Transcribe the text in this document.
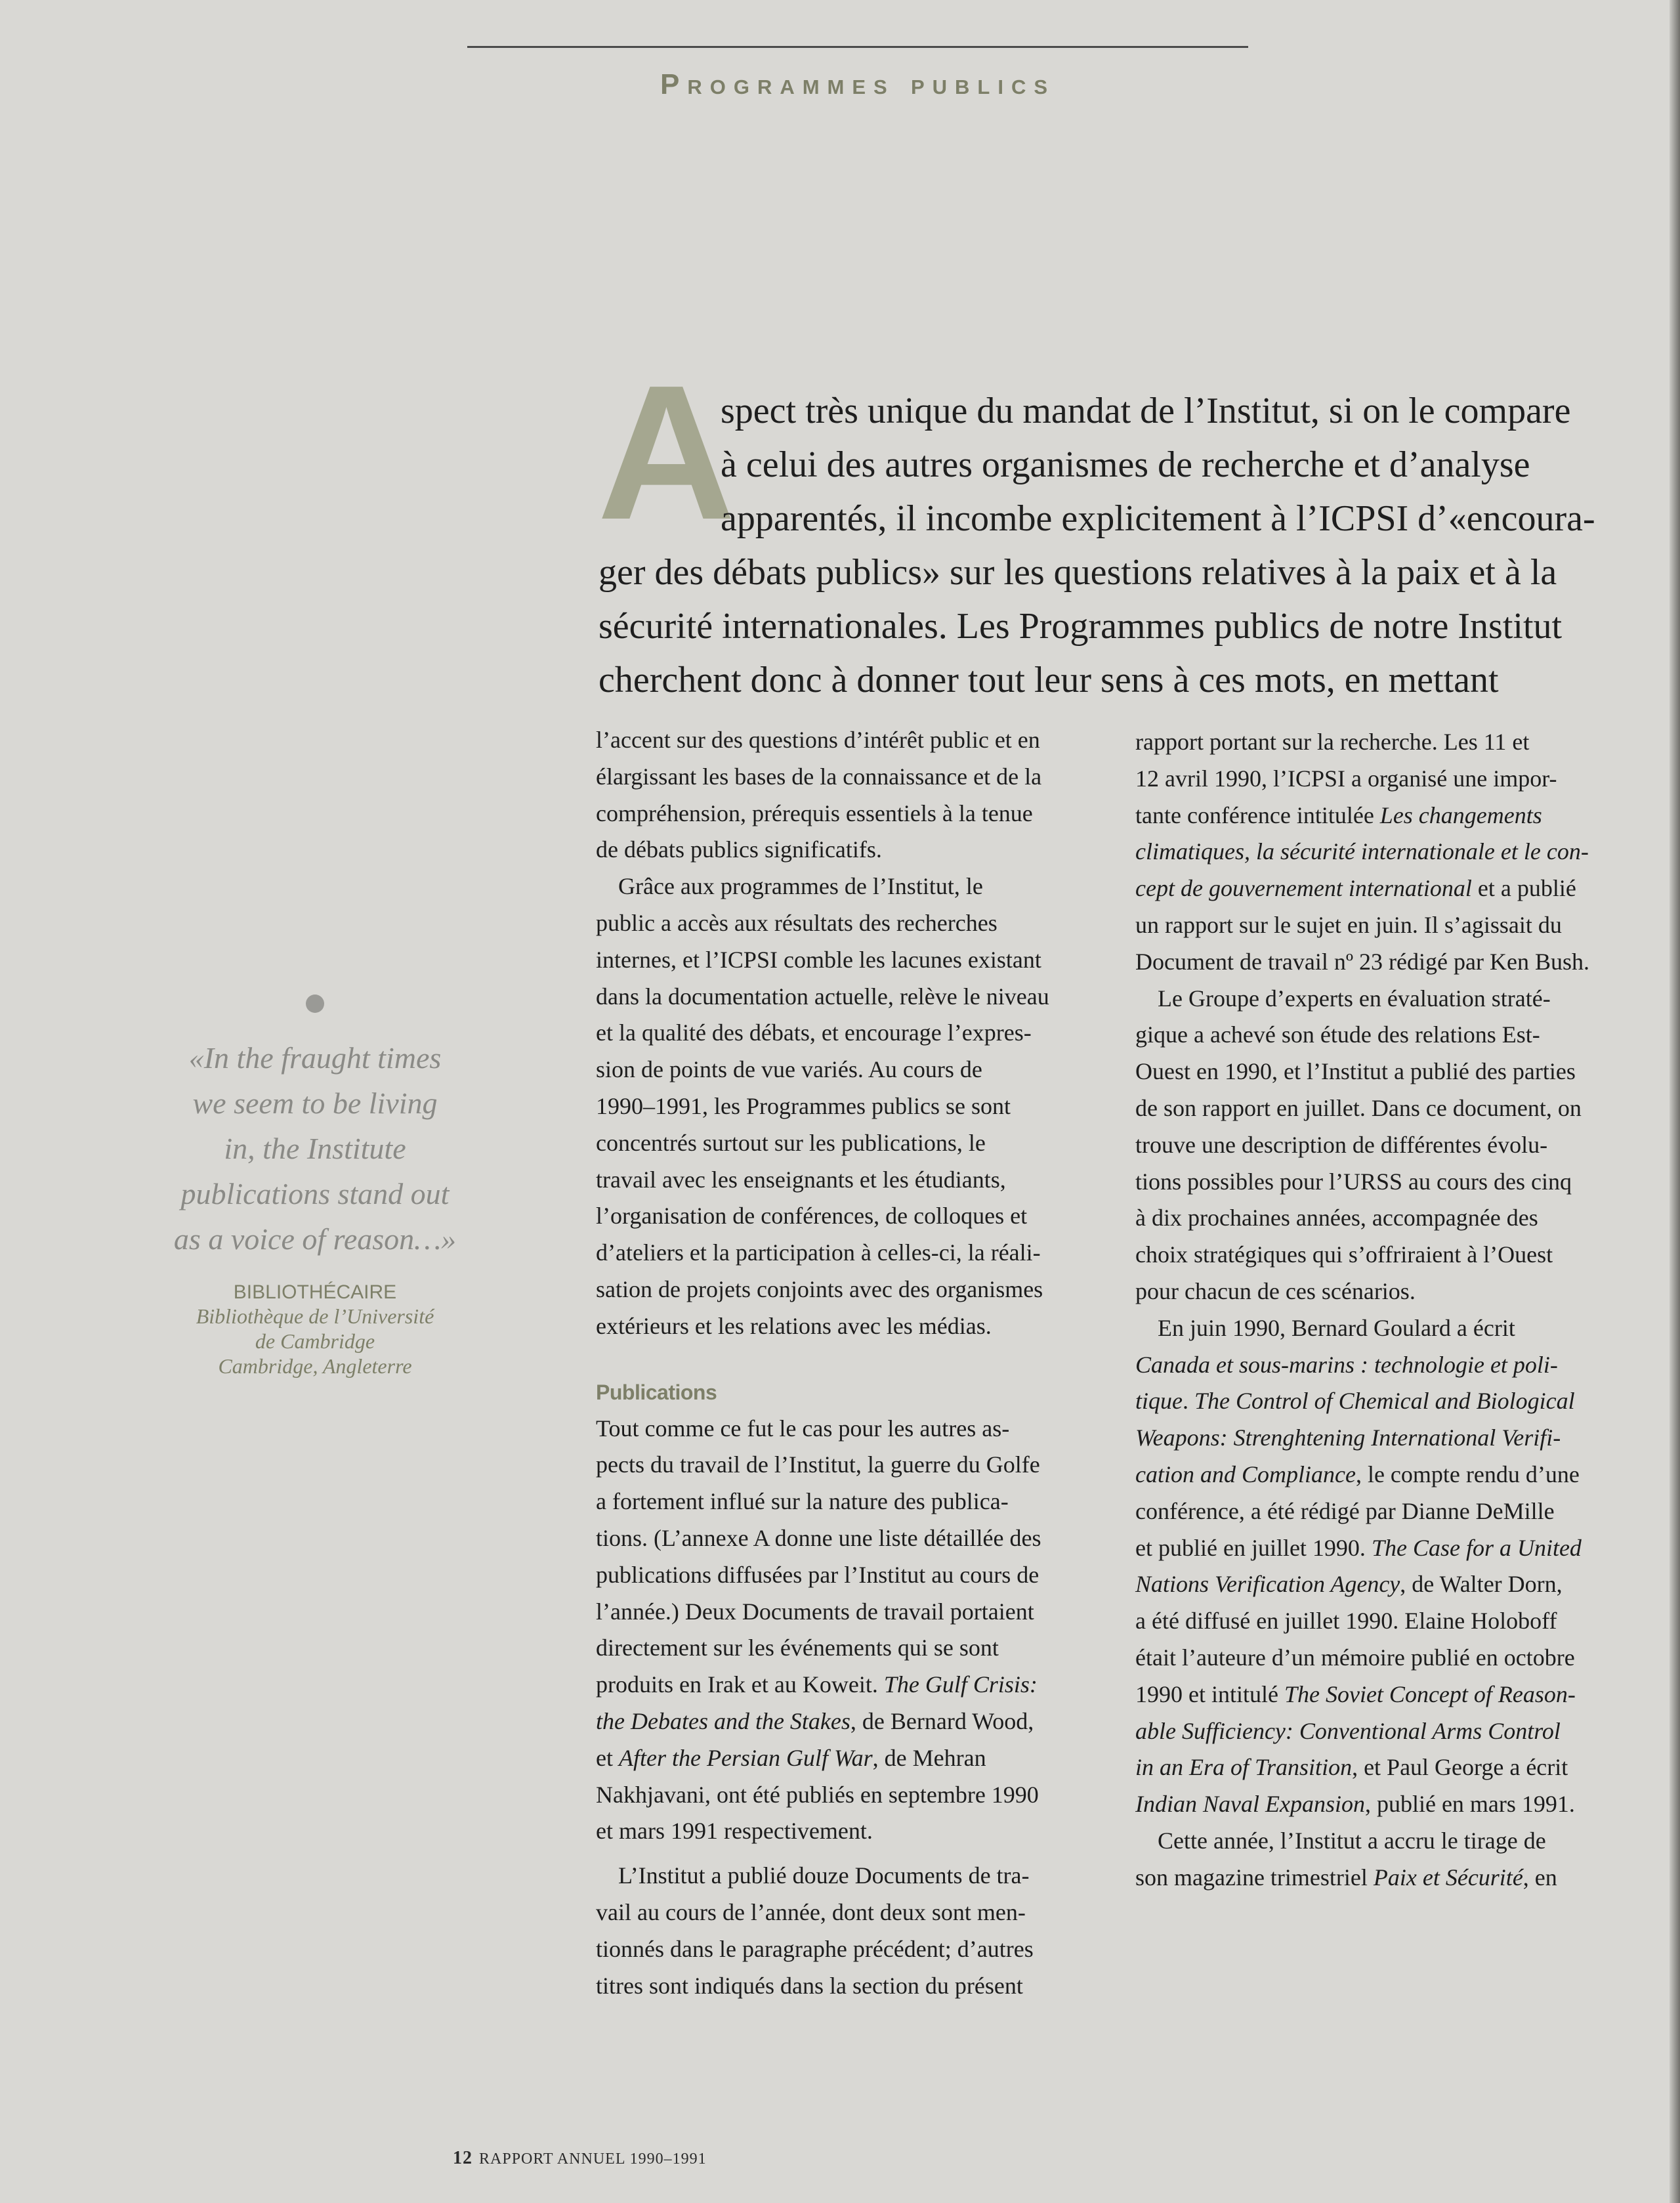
Programmes publics
A
spect très unique du mandat de l’Institut, si on le compare
à celui des autres organismes de recherche et d’analyse
apparentés, il incombe explicitement à l’ICPSI d’«encoura-
ger des débats publics» sur les questions relatives à la paix et à la
sécurité internationales. Les Programmes publics de notre Institut
cherchent donc à donner tout leur sens à ces mots, en mettant

l’accent sur des questions d’intérêt public et en
élargissant les bases de la connaissance et de la
compréhension, prérequis essentiels à la tenue
de débats publics significatifs.

Grâce aux programmes de l’Institut, le
public a accès aux résultats des recherches
internes, et l’ICPSI comble les lacunes existant
dans la documentation actuelle, relève le niveau
et la qualité des débats, et encourage l’expres-
sion de points de vue variés. Au cours de
1990–1991, les Programmes publics se sont
concentrés surtout sur les publications, le
travail avec les enseignants et les étudiants,
l’organisation de conférences, de colloques et
d’ateliers et la participation à celles-ci, la réali-
sation de projets conjoints avec des organismes
extérieurs et les relations avec les médias.

Publications

Tout comme ce fut le cas pour les autres as-
pects du travail de l’Institut, la guerre du Golfe
a fortement influé sur la nature des publica-
tions. (L’annexe A donne une liste détaillée des
publications diffusées par l’Institut au cours de
l’année.) Deux Documents de travail portaient
directement sur les événements qui se sont
produits en Irak et au Koweit. The Gulf Crisis:
the Debates and the Stakes, de Bernard Wood,
et After the Persian Gulf War, de Mehran
Nakhjavani, ont été publiés en septembre 1990
et mars 1991 respectivement.

L’Institut a publié douze Documents de tra-
vail au cours de l’année, dont deux sont men-
tionnés dans le paragraphe précédent; d’autres
titres sont indiqués dans la section du présent

rapport portant sur la recherche. Les 11 et
12 avril 1990, l’ICPSI a organisé une impor-
tante conférence intitulée Les changements
climatiques, la sécurité internationale et le con-
cept de gouvernement international et a publié
un rapport sur le sujet en juin. Il s’agissait du
Document de travail nº 23 rédigé par Ken Bush.

Le Groupe d’experts en évaluation straté-
gique a achevé son étude des relations Est-
Ouest en 1990, et l’Institut a publié des parties
de son rapport en juillet. Dans ce document, on
trouve une description de différentes évolu-
tions possibles pour l’URSS au cours des cinq
à dix prochaines années, accompagnée des
choix stratégiques qui s’offriraient à l’Ouest
pour chacun de ces scénarios.

En juin 1990, Bernard Goulard a écrit
Canada et sous-marins : technologie et poli-
tique. The Control of Chemical and Biological
Weapons: Strenghtening International Verifi-
cation and Compliance, le compte rendu d’une
conférence, a été rédigé par Dianne DeMille
et publié en juillet 1990. The Case for a United
Nations Verification Agency, de Walter Dorn,
a été diffusé en juillet 1990. Elaine Holoboff
était l’auteure d’un mémoire publié en octobre
1990 et intitulé The Soviet Concept of Reason-
able Sufficiency: Conventional Arms Control
in an Era of Transition, et Paul George a écrit
Indian Naval Expansion, publié en mars 1991.

Cette année, l’Institut a accru le tirage de
son magazine trimestriel Paix et Sécurité, en

«In the fraught times
we seem to be living
in, the Institute
publications stand out
as a voice of reason…»
BIBLIOTHÉCAIRE
Bibliothèque de l’Université
de Cambridge
Cambridge, Angleterre
12 RAPPORT ANNUEL 1990–1991
